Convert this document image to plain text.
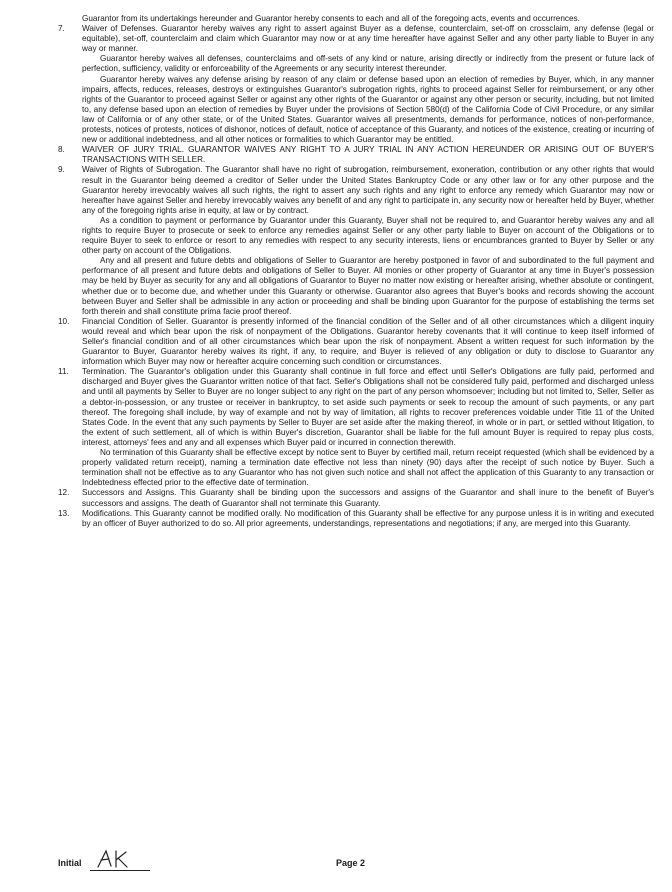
Guarantor from its undertakings hereunder and Guarantor hereby consents to each and all of the foregoing acts, events and occurrences.

7.	Waiver of Defenses. Guarantor hereby waives any right to assert against Buyer as a defense, counterclaim, set-off on crossclaim, any defense (legal or equitable), set-off, counterclaim and claim which Guarantor may now or at any time hereafter have against Seller and any other party liable to Buyer in any way or manner.

Guarantor hereby waives all defenses, counterclaims and off-sets of any kind or nature, arising directly or indirectly from the present or future lack of perfection, sufficiency, validity or enforceability of the Agreements or any security interest thereunder.

Guarantor hereby waives any defense arising by reason of any claim or defense based upon an election of remedies by Buyer, which, in any manner impairs, affects, reduces, releases, destroys or extinguishes Guarantor's subrogation rights, rights to proceed against Seller for reimbursement, or any other rights of the Guarantor to proceed against Seller or against any other rights of the Guarantor or against any other person or security, including, but not limited to, any defense based upon an election of remedies by Buyer under the provisions of Section 580(d) of the California Code of Civil Procedure, or any similar law of California or of any other state, or of the United States. Guarantor waives all presentments, demands for performance, notices of non-performance, protests, notices of protests, notices of dishonor, notices of default, notice of acceptance of this Guaranty, and notices of the existence, creating or incurring of new or additional indebtedness, and all other notices or formalities to which Guarantor may be entitled.

8.	WAIVER OF JURY TRIAL. GUARANTOR WAIVES ANY RIGHT TO A JURY TRIAL IN ANY ACTION HEREUNDER OR ARISING OUT OF BUYER'S TRANSACTIONS WITH SELLER.

9.	Waiver of Rights of Subrogation. The Guarantor shall have no right of subrogation, reimbursement, exoneration, contribution or any other rights that would result in the Guarantor being deemed a creditor of Seller under the United States Bankruptcy Code or any other law or for any other purpose and the Guarantor hereby irrevocably waives all such rights, the right to assert any such rights and any right to enforce any remedy which Guarantor may now or hereafter have against Seller and hereby irrevocably waives any benefit of and any right to participate in, any security now or hereafter held by Buyer, whether any of the foregoing rights arise in equity, at law or by contract.

As a condition to payment or performance by Guarantor under this Guaranty, Buyer shall not be required to, and Guarantor hereby waives any and all rights to require Buyer to prosecute or seek to enforce any remedies against Seller or any other party liable to Buyer on account of the Obligations or to require Buyer to seek to enforce or resort to any remedies with respect to any security interests, liens or encumbrances granted to Buyer by Seller or any other party on account of the Obligations.

Any and all present and future debts and obligations of Seller to Guarantor are hereby postponed in favor of and subordinated to the full payment and performance of all present and future debts and obligations of Seller to Buyer. All monies or other property of Guarantor at any time in Buyer's possession may be held by Buyer as security for any and all obligations of Guarantor to Buyer no matter now existing or hereafter arising, whether absolute or contingent, whether due or to become due, and whether under this Guaranty or otherwise. Guarantor also agrees that Buyer's books and records showing the account between Buyer and Seller shall be admissible in any action or proceeding and shall be binding upon Guarantor for the purpose of establishing the terms set forth therein and shall constitute prima facie proof thereof.

10.	Financial Condition of Seller. Guarantor is presently informed of the financial condition of the Seller and of all other circumstances which a diligent inquiry would reveal and which bear upon the risk of nonpayment of the Obligations. Guarantor hereby covenants that it will continue to keep itself informed of Seller's financial condition and of all other circumstances which bear upon the risk of nonpayment. Absent a written request for such information by the Guarantor to Buyer, Guarantor hereby waives its right, if any, to require, and Buyer is relieved of any obligation or duty to disclose to Guarantor any information which Buyer may now or hereafter acquire concerning such condition or circumstances.

11.	Termination. The Guarantor's obligation under this Guaranty shall continue in full force and effect until Seller's Obligations are fully paid, performed and discharged and Buyer gives the Guarantor written notice of that fact. Seller's Obligations shall not be considered fully paid, performed and discharged unless and until all payments by Seller to Buyer are no longer subject to any right on the part of any person whomsoever; including but not limited to, Seller, Seller as a debtor-in-possession, or any trustee or receiver in bankruptcy, to set aside such payments or seek to recoup the amount of such payments, or any part thereof. The foregoing shall include, by way of example and not by way of limitation, all rights to recover preferences voidable under Title 11 of the United States Code. In the event that any such payments by Seller to Buyer are set aside after the making thereof, in whole or in part, or settled without litigation, to the extent of such settlement, all of which is within Buyer's discretion, Guarantor shall be liable for the full amount Buyer is required to repay plus costs, interest, attorneys' fees and any and all expenses which Buyer paid or incurred in connection therewith.

No termination of this Guaranty shall be effective except by notice sent to Buyer by certified mail, return receipt requested (which shall be evidenced by a properly validated return receipt), naming a termination date effective not less than ninety (90) days after the receipt of such notice by Buyer. Such a termination shall not be effective as to any Guarantor who has not given such notice and shall not affect the application of this Guaranty to any transaction or Indebtedness effected prior to the effective date of termination.

12.	Successors and Assigns. This Guaranty shall be binding upon the successors and assigns of the Guarantor and shall inure to the benefit of Buyer's successors and assigns. The death of Guarantor shall not terminate this Guaranty.

13.	Modifications. This Guaranty cannot be modified orally. No modification of this Guaranty shall be effective for any purpose unless it is in writing and executed by an officer of Buyer authorized to do so. All prior agreements, understandings, representations and negotiations; if any, are merged into this Guaranty.

Initial	Page 2
